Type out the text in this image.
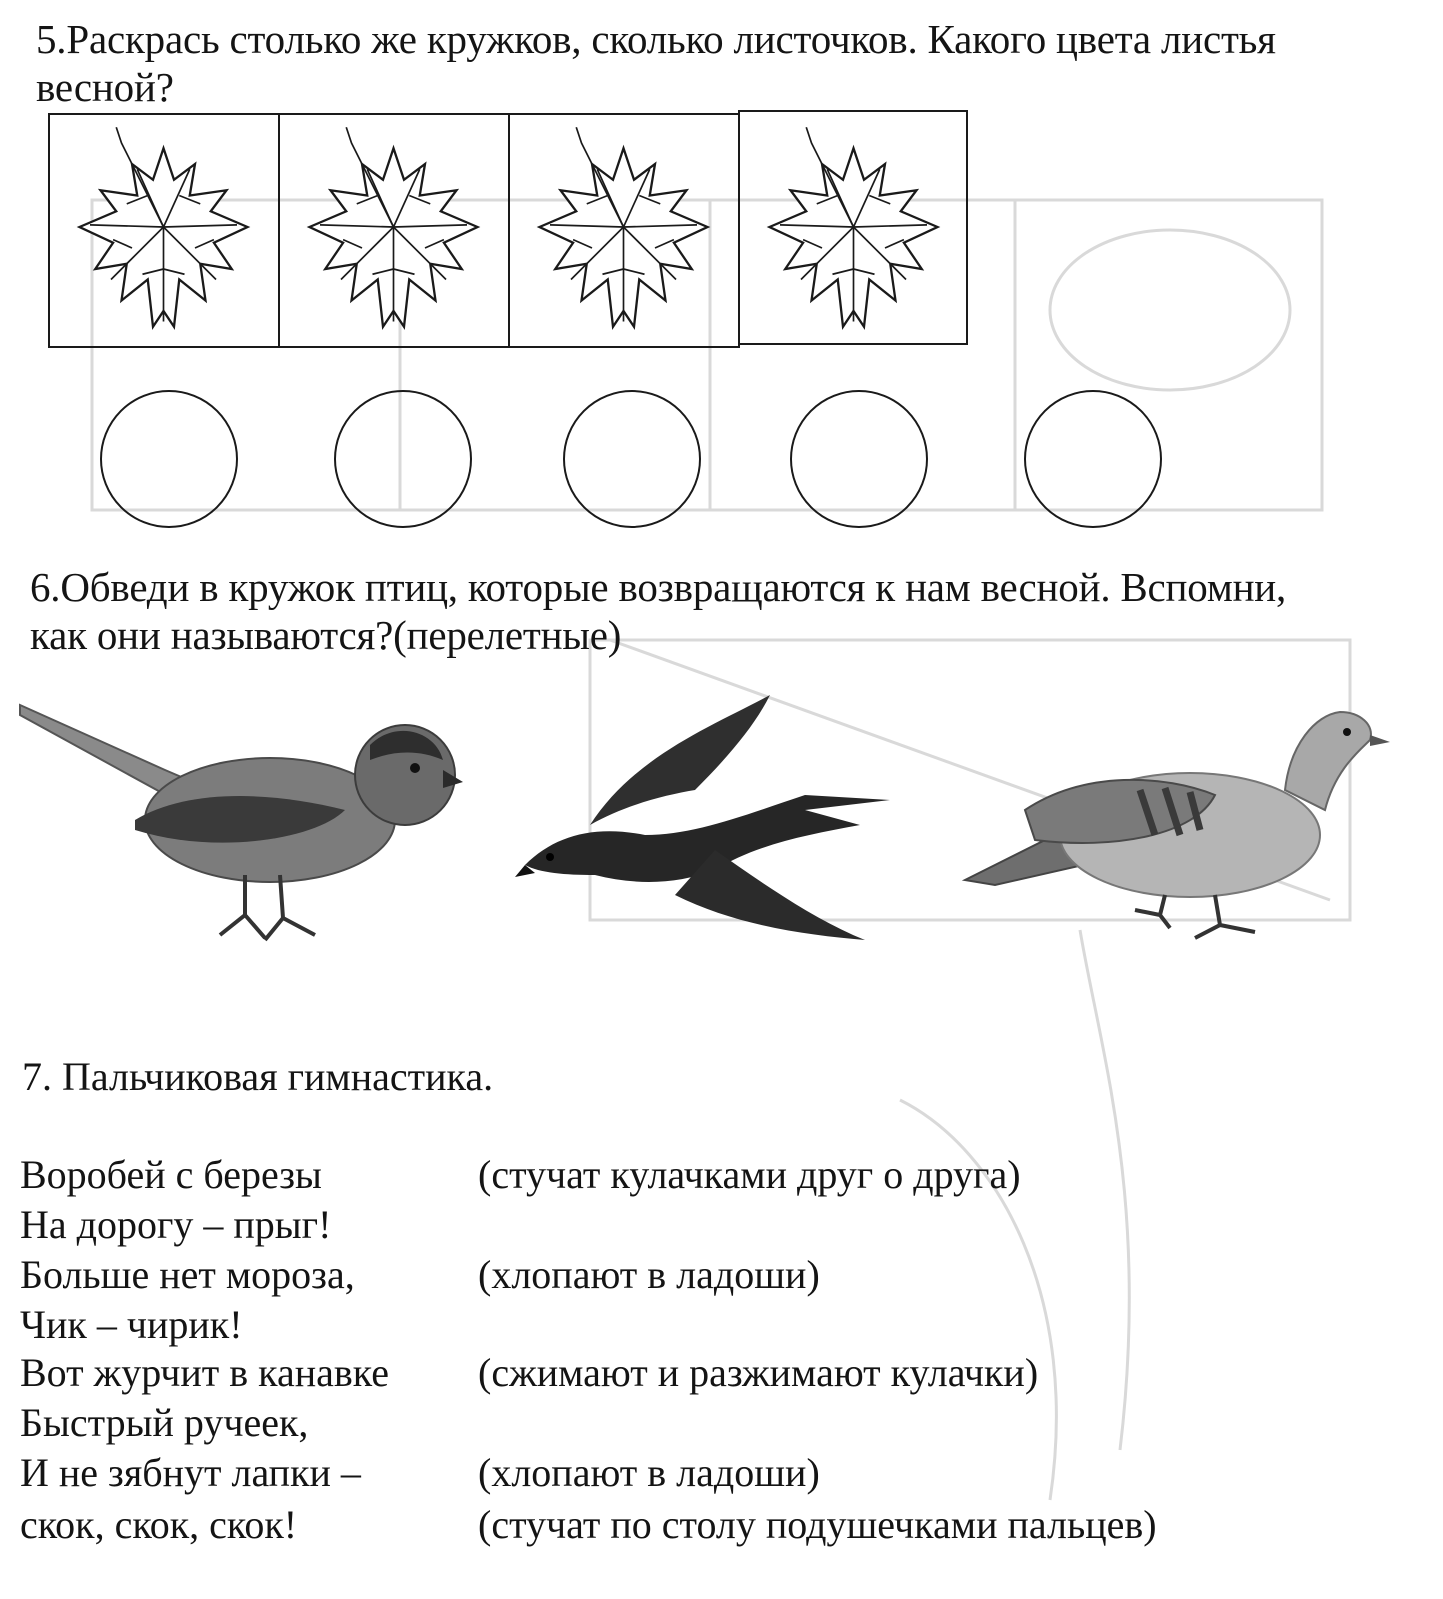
5.Раскрась столько же кружков, сколько листочков. Какого цвета листья
весной?
6.Обведи в кружок птиц, которые возвращаются к нам весной. Вспомни,
как они называются?(перелетные)
7. Пальчиковая гимнастика.
Воробей с березы	(стучат кулачками друг о друга)
На дорогу – прыг!
Больше нет мороза,	(хлопают в ладоши)
Чик – чирик!
Вот журчит в канавке (сжимают и разжимают кулачки)
Быстрый ручеек,
И не зябнут лапки –	(хлопают в ладоши)
скок, скок, скок!	(стучат по столу подушечками пальцев)
